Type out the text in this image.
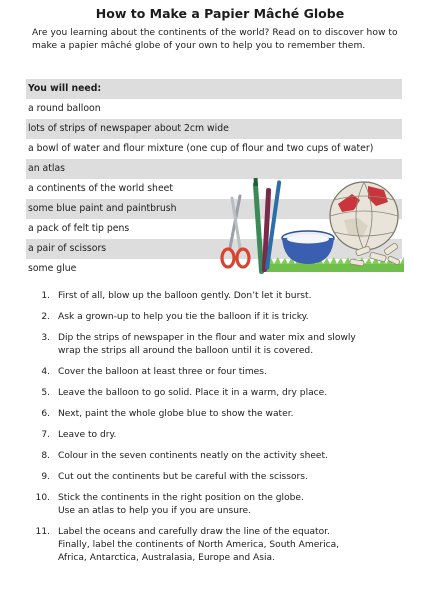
How to Make a Papier Mâché Globe
Are you learning about the continents of the world? Read on to discover how to make a papier mâché globe of your own to help you to remember them.
You will need:
a round balloon
lots of strips of newspaper about 2cm wide
a bowl of water and flour mixture (one cup of flour and two cups of water)
an atlas
a continents of the world sheet
some blue paint and paintbrush
a pack of felt tip pens
a pair of scissors
some glue
1. First of all, blow up the balloon gently. Don’t let it burst.
2. Ask a grown-up to help you tie the balloon if it is tricky.
3. Dip the strips of newspaper in the flour and water mix and slowly
wrap the strips all around the balloon until it is covered.
4. Cover the balloon at least three or four times.
5. Leave the balloon to go solid. Place it in a warm, dry place.
6. Next, paint the whole globe blue to show the water.
7. Leave to dry.
8. Colour in the seven continents neatly on the activity sheet.
9. Cut out the continents but be careful with the scissors.
10. Stick the continents in the right position on the globe.
Use an atlas to help you if you are unsure.
11. Label the oceans and carefully draw the line of the equator.
Finally, label the continents of North America, South America,
Africa, Antarctica, Australasia, Europe and Asia.
